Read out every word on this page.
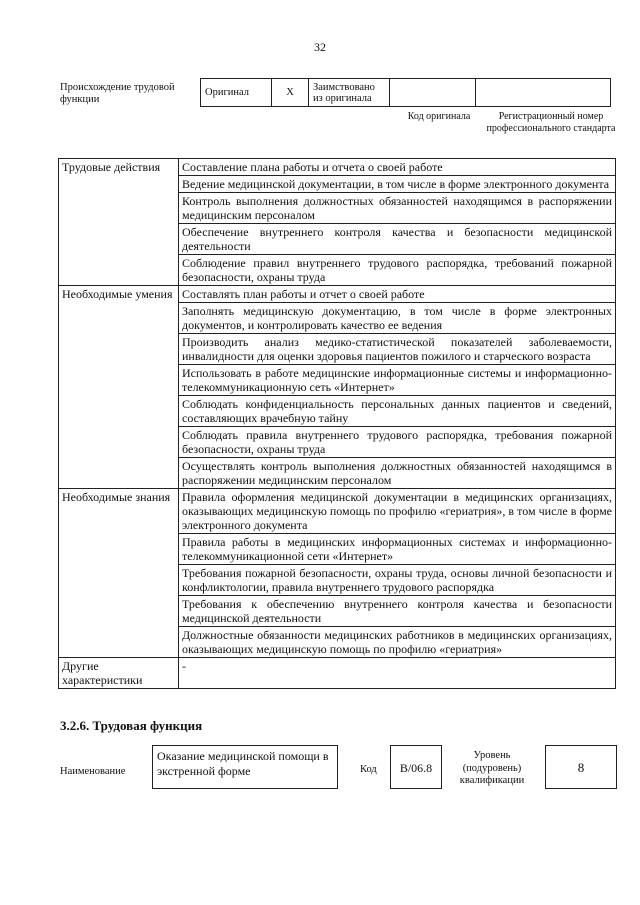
32
Происхождение трудовой функции
Оригинал	X	Заимствовано из оригинала		
Код оригинала	Регистрационный номер профессионального стандарта
Трудовые действия	Составление плана работы и отчета о своей работе
	Ведение медицинской документации, в том числе в форме электронного документа
	Контроль выполнения должностных обязанностей находящимся в распоряжении медицинским персоналом
	Обеспечение внутреннего контроля качества и безопасности медицинской деятельности
	Соблюдение правил внутреннего трудового распорядка, требований пожарной безопасности, охраны труда
Необходимые умения	Составлять план работы и отчет о своей работе
	Заполнять медицинскую документацию, в том числе в форме электронных документов, и контролировать качество ее ведения
	Производить анализ медико-статистической показателей заболеваемости, инвалидности для оценки здоровья пациентов пожилого и старческого возраста
	Использовать в работе медицинские информационные системы и информационно-телекоммуникационную сеть «Интернет»
	Соблюдать конфиденциальность персональных данных пациентов и сведений, составляющих врачебную тайну
	Соблюдать правила внутреннего трудового распорядка, требования пожарной безопасности, охраны труда
	Осуществлять контроль выполнения должностных обязанностей находящимся в распоряжении медицинским персоналом
Необходимые знания	Правила оформления медицинской документации в медицинских организациях, оказывающих медицинскую помощь по профилю «гериатрия», в том числе в форме электронного документа
	Правила работы в медицинских информационных системах и информационно-телекоммуникационной сети «Интернет»
	Требования пожарной безопасности, охраны труда, основы личной безопасности и конфликтологии, правила внутреннего трудового распорядка
	Требования к обеспечению внутреннего контроля качества и безопасности медицинской деятельности
	Должностные обязанности медицинских работников в медицинских организациях, оказывающих медицинскую помощь по профилю «гериатрия»
Другие характеристики	-
3.2.6. Трудовая функция
Наименование
Оказание медицинской помощи в экстренной форме	Код	В/06.8
Уровень (подуровень) квалификации
8
